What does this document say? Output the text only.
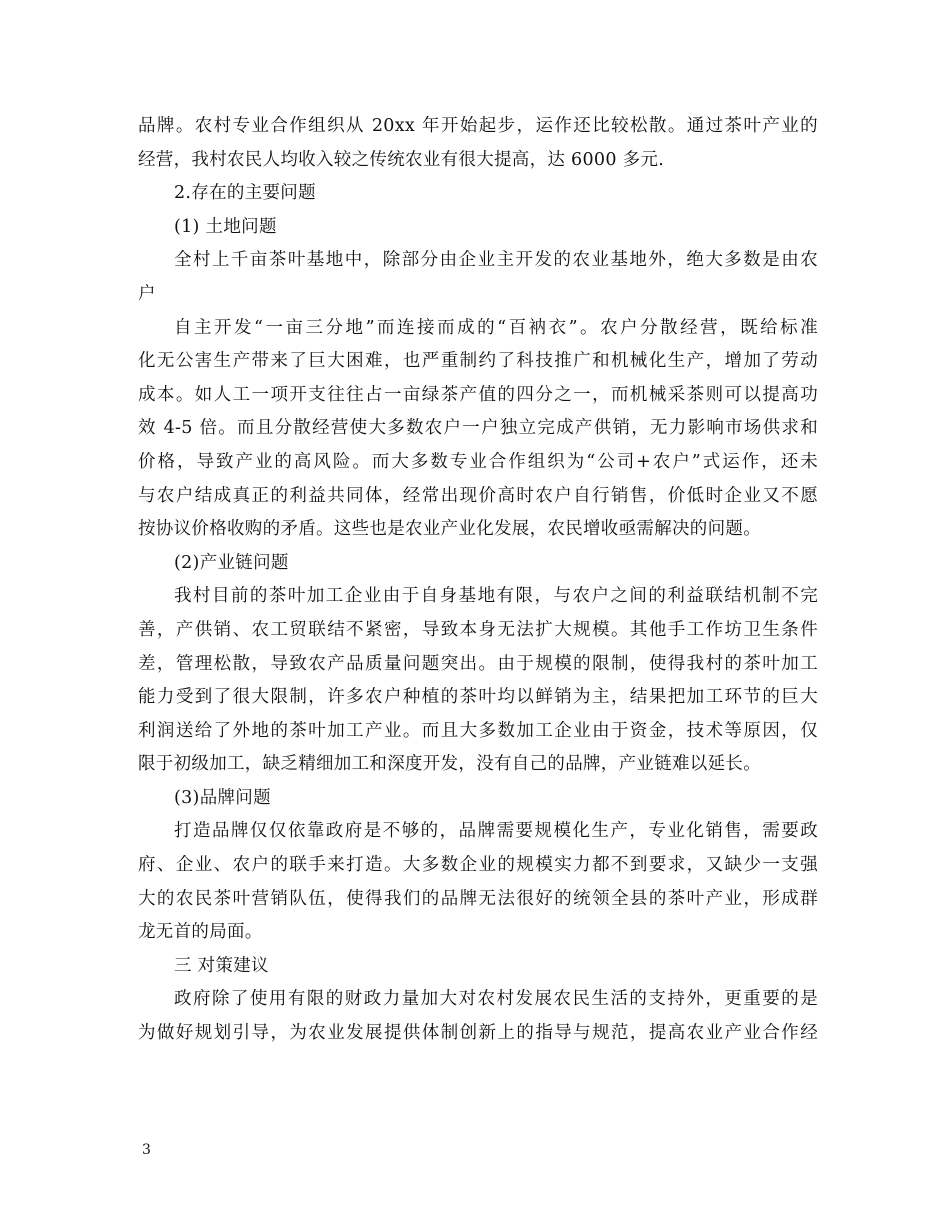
品牌。农村专业合作组织从 20xx 年开始起步，运作还比较松散。通过茶叶产业的
经营，我村农民人均收入较之传统农业有很大提高，达 6000 多元.
2.存在的主要问题
(1) 土地问题
全村上千亩茶叶基地中，除部分由企业主开发的农业基地外，绝大多数是由农
户
自主开发“一亩三分地”而连接而成的“百衲衣”。农户分散经营，既给标准
化无公害生产带来了巨大困难，也严重制约了科技推广和机械化生产，增加了劳动
成本。如人工一项开支往往占一亩绿茶产值的四分之一，而机械采茶则可以提高功
效 4-5 倍。而且分散经营使大多数农户一户独立完成产供销，无力影响市场供求和
价格，导致产业的高风险。而大多数专业合作组织为“公司+农户”式运作，还未
与农户结成真正的利益共同体，经常出现价高时农户自行销售，价低时企业又不愿
按协议价格收购的矛盾。这些也是农业产业化发展，农民增收亟需解决的问题。
(2)产业链问题
我村目前的茶叶加工企业由于自身基地有限，与农户之间的利益联结机制不完
善，产供销、农工贸联结不紧密，导致本身无法扩大规模。其他手工作坊卫生条件
差，管理松散，导致农产品质量问题突出。由于规模的限制，使得我村的茶叶加工
能力受到了很大限制，许多农户种植的茶叶均以鲜销为主，结果把加工环节的巨大
利润送给了外地的茶叶加工产业。而且大多数加工企业由于资金，技术等原因，仅
限于初级加工，缺乏精细加工和深度开发，没有自己的品牌，产业链难以延长。
(3)品牌问题
打造品牌仅仅依靠政府是不够的，品牌需要规模化生产，专业化销售，需要政
府、企业、农户的联手来打造。大多数企业的规模实力都不到要求，又缺少一支强
大的农民茶叶营销队伍，使得我们的品牌无法很好的统领全县的茶叶产业，形成群
龙无首的局面。
三 对策建议
政府除了使用有限的财政力量加大对农村发展农民生活的支持外，更重要的是
为做好规划引导，为农业发展提供体制创新上的指导与规范，提高农业产业合作经
3
